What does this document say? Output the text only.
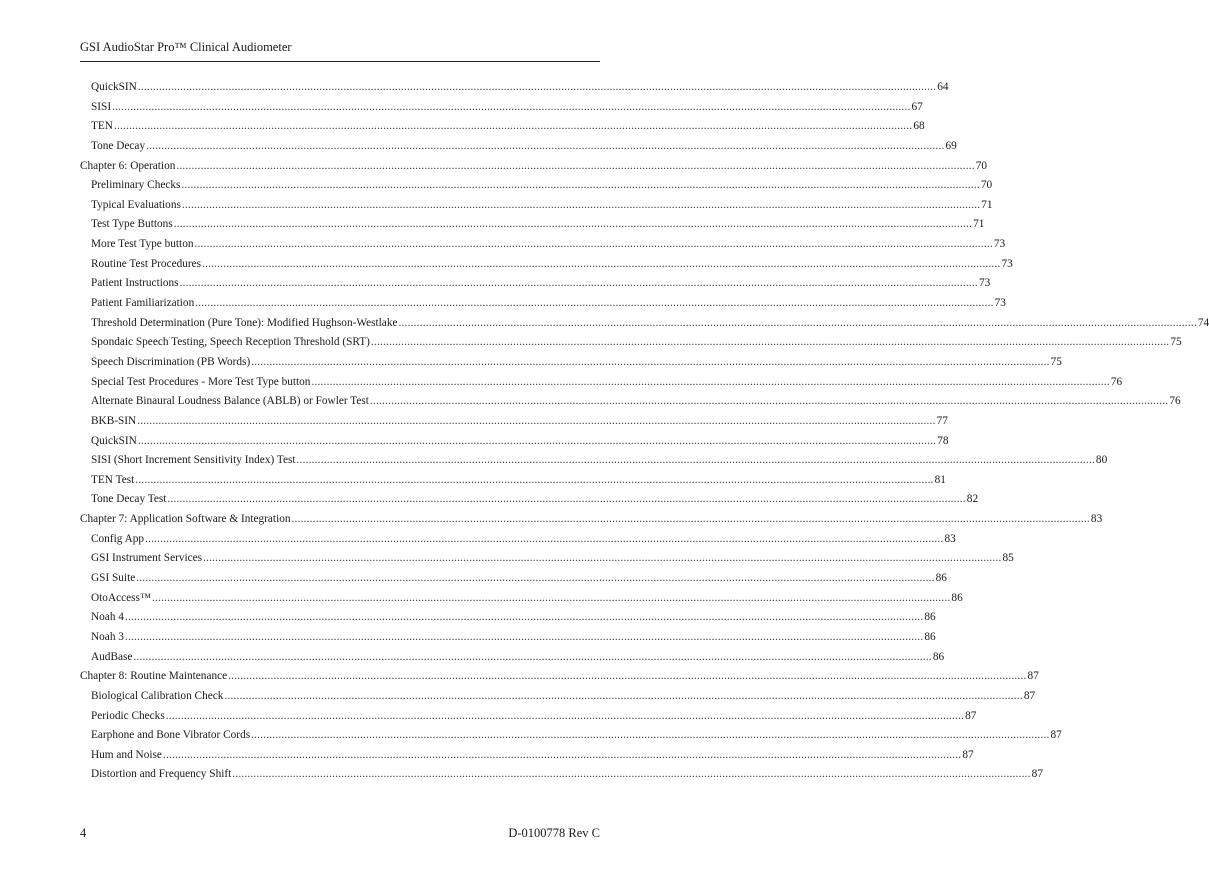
GSI AudioStar Pro™ Clinical Audiometer
QuickSIN ........................................................................................................................................................................................................................................................................ 64
SISI ........................................................................................................................................................................................................................................................................ 67
TEN ........................................................................................................................................................................................................................................................................ 68
Tone Decay ........................................................................................................................................................................................................................................................................ 69
Chapter 6: Operation ........................................................................................................................................................................................................................................................................ 70
Preliminary Checks ........................................................................................................................................................................................................................................................................ 70
Typical Evaluations ........................................................................................................................................................................................................................................................................ 71
Test Type Buttons ........................................................................................................................................................................................................................................................................ 71
More Test Type button ........................................................................................................................................................................................................................................................................ 73
Routine Test Procedures ........................................................................................................................................................................................................................................................................ 73
Patient Instructions ........................................................................................................................................................................................................................................................................ 73
Patient Familiarization ........................................................................................................................................................................................................................................................................ 73
Threshold Determination (Pure Tone): Modified Hughson-Westlake ........................................................................................................................................................................................................................................................................ 74
Spondaic Speech Testing, Speech Reception Threshold (SRT) ........................................................................................................................................................................................................................................................................ 75
Speech Discrimination (PB Words) ........................................................................................................................................................................................................................................................................ 75
Special Test Procedures - More Test Type button ........................................................................................................................................................................................................................................................................ 76
Alternate Binaural Loudness Balance (ABLB) or Fowler Test ........................................................................................................................................................................................................................................................................ 76
BKB-SIN ........................................................................................................................................................................................................................................................................ 77
QuickSIN ........................................................................................................................................................................................................................................................................ 78
SISI (Short Increment Sensitivity Index) Test ........................................................................................................................................................................................................................................................................ 80
TEN Test ........................................................................................................................................................................................................................................................................ 81
Tone Decay Test ........................................................................................................................................................................................................................................................................ 82
Chapter 7: Application Software & Integration ........................................................................................................................................................................................................................................................................ 83
Config App ........................................................................................................................................................................................................................................................................ 83
GSI Instrument Services ........................................................................................................................................................................................................................................................................ 85
GSI Suite ........................................................................................................................................................................................................................................................................ 86
OtoAccess™ ........................................................................................................................................................................................................................................................................ 86
Noah 4 ........................................................................................................................................................................................................................................................................ 86
Noah 3 ........................................................................................................................................................................................................................................................................ 86
AudBase ........................................................................................................................................................................................................................................................................ 86
Chapter 8: Routine Maintenance ........................................................................................................................................................................................................................................................................ 87
Biological Calibration Check ........................................................................................................................................................................................................................................................................ 87
Periodic Checks ........................................................................................................................................................................................................................................................................ 87
Earphone and Bone Vibrator Cords ........................................................................................................................................................................................................................................................................ 87
Hum and Noise ........................................................................................................................................................................................................................................................................ 87
Distortion and Frequency Shift ........................................................................................................................................................................................................................................................................ 87
4	D-0100778 Rev C
